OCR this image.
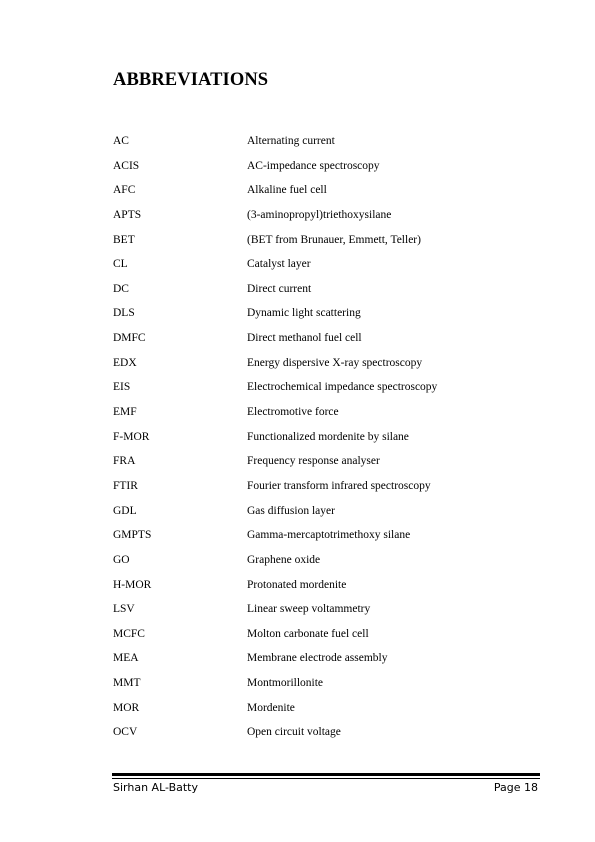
ABBREVIATIONS
AC	Alternating current
ACIS	AC-impedance spectroscopy
AFC	Alkaline fuel cell
APTS	(3-aminopropyl)triethoxysilane
BET	(BET from Brunauer, Emmett, Teller)
CL	Catalyst layer
DC	Direct current
DLS	Dynamic light scattering
DMFC	Direct methanol fuel cell
EDX	Energy dispersive X-ray spectroscopy
EIS	Electrochemical impedance spectroscopy
EMF	Electromotive force
F-MOR	Functionalized mordenite by silane
FRA	Frequency response analyser
FTIR	Fourier transform infrared spectroscopy
GDL	Gas diffusion layer
GMPTS	Gamma-mercaptotrimethoxy silane
GO	Graphene oxide
H-MOR	Protonated mordenite
LSV	Linear sweep voltammetry
MCFC	Molton carbonate fuel cell
MEA	Membrane electrode assembly
MMT	Montmorillonite
MOR	Mordenite
OCV	Open circuit voltage
Sirhan AL-Batty	Page 18
